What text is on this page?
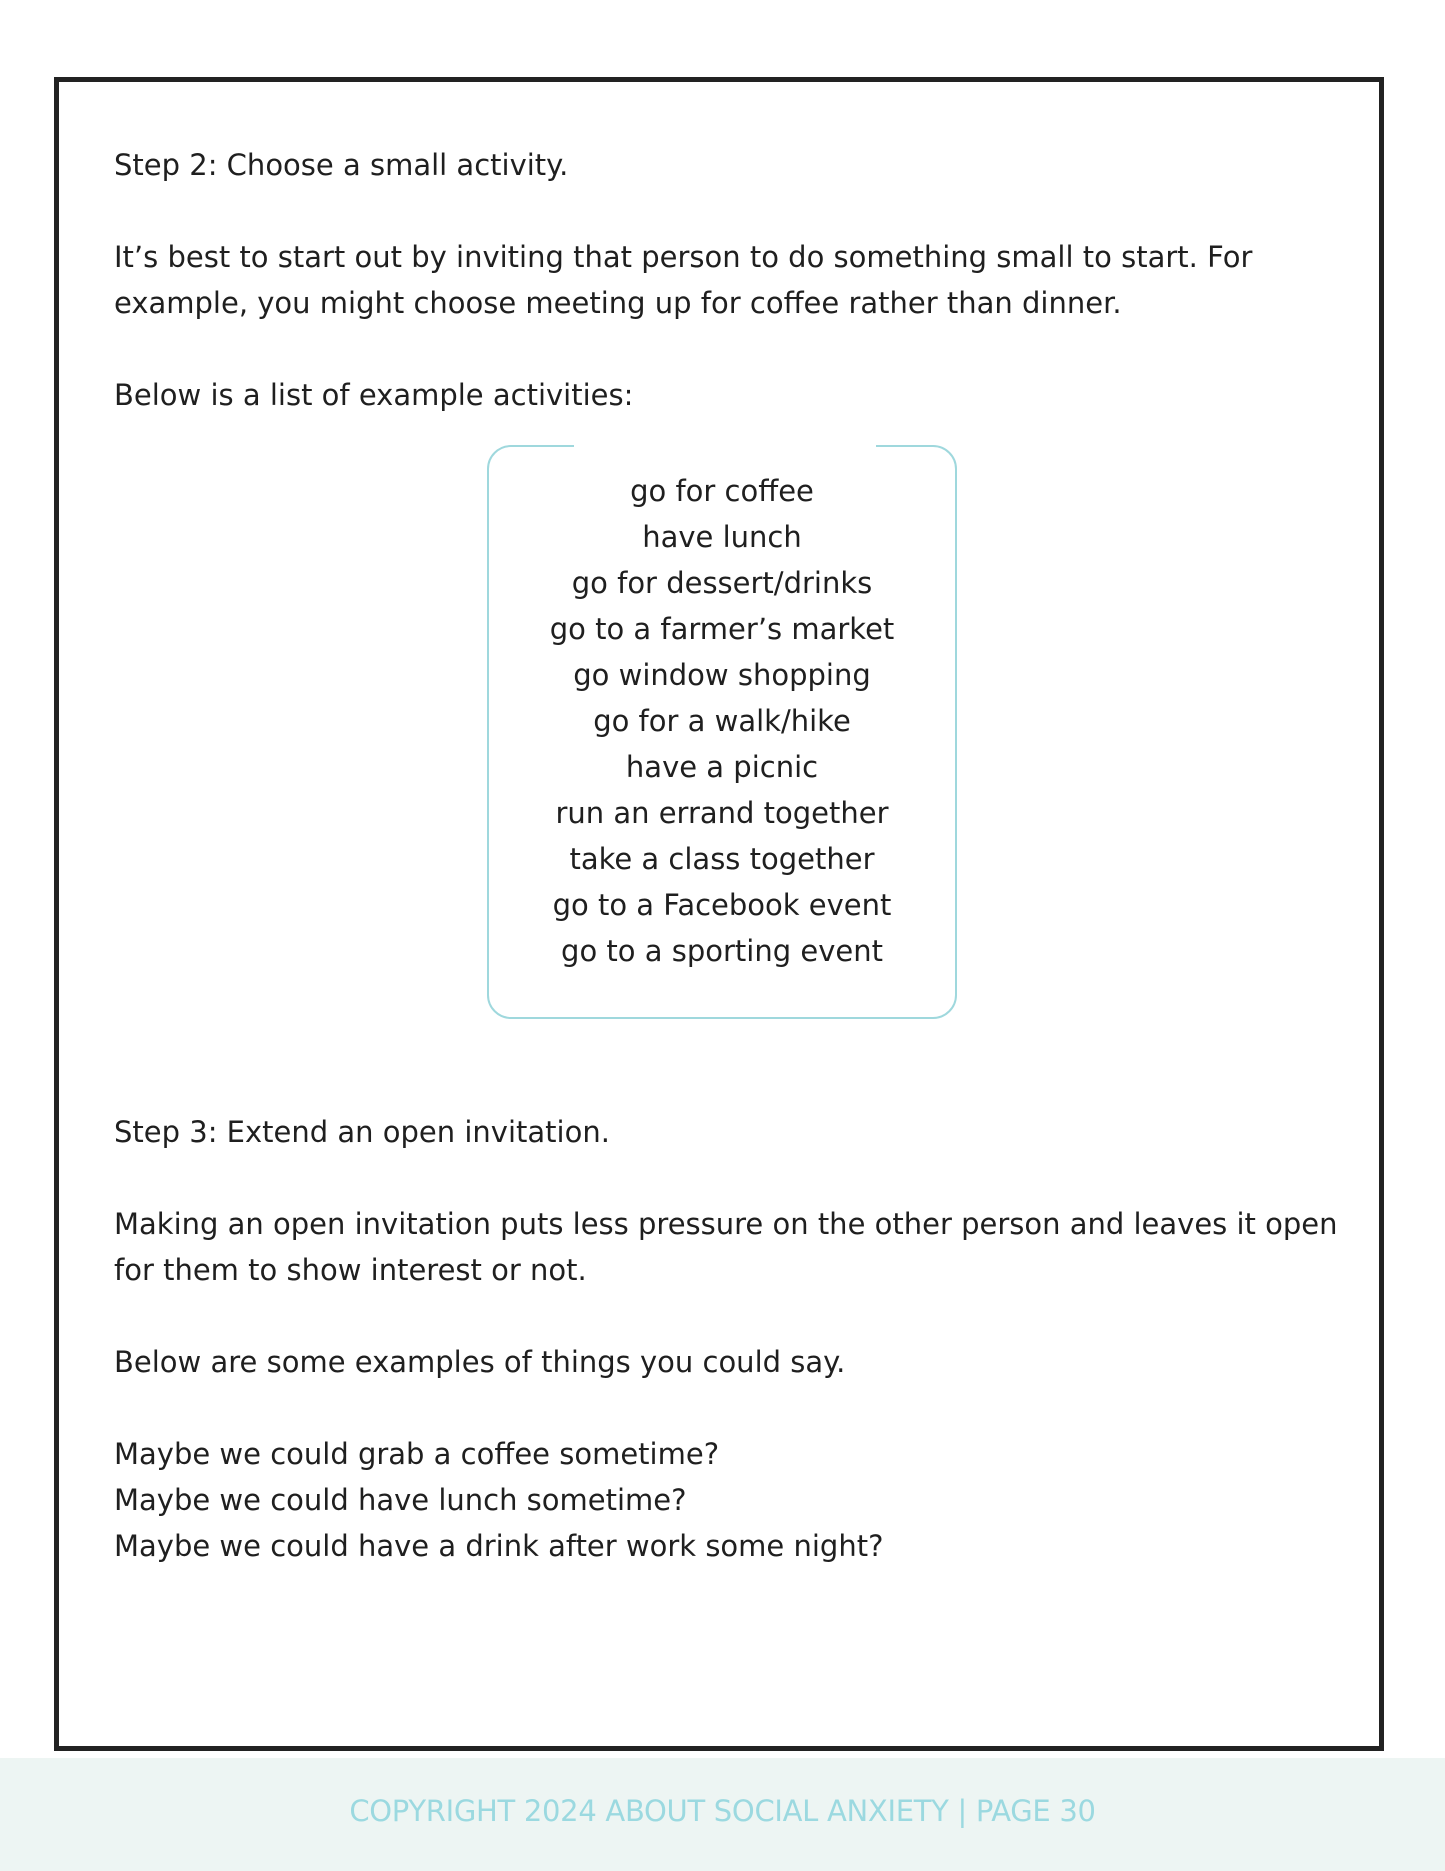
Step 2: Choose a small activity.

It’s best to start out by inviting that person to do something small to start. For

example, you might choose meeting up for coffee rather than dinner.

Below is a list of example activities:

go for coffee
have lunch
go for dessert/drinks
go to a farmer’s market
go window shopping
go for a walk/hike
have a picnic
run an errand together
take a class together
go to a Facebook event
go to a sporting event

Step 3: Extend an open invitation.

Making an open invitation puts less pressure on the other person and leaves it open

for them to show interest or not.

Below are some examples of things you could say.

Maybe we could grab a coffee sometime?

Maybe we could have lunch sometime?

Maybe we could have a drink after work some night?

COPYRIGHT 2024 ABOUT SOCIAL ANXIETY | PAGE 30
